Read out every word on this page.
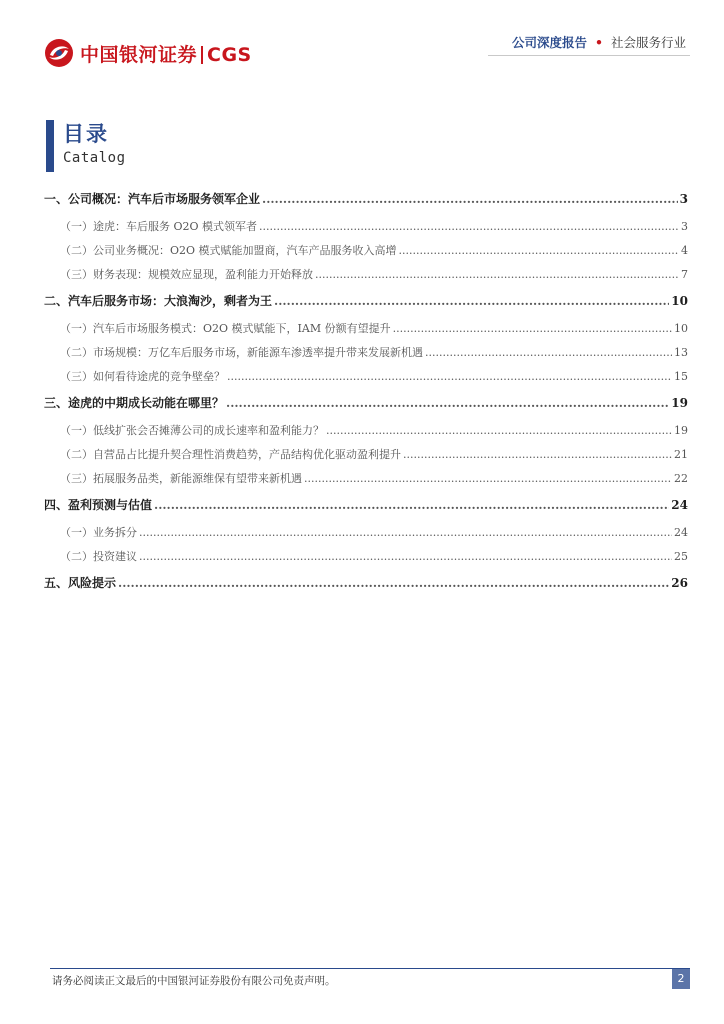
中国银河证券 CGS
公司深度报告 • 社会服务行业
目录
Catalog
一、公司概况：汽车后市场服务领军企业 .....	3
（一）途虎：车后服务 O2O 模式领军者 .....	3
（二）公司业务概况：O2O 模式赋能加盟商，汽车产品服务收入高增 .....	4
（三）财务表现：规模效应显现，盈利能力开始释放 .....	7
二、汽车后服务市场：大浪淘沙，剩者为王 .....	10
（一）汽车后市场服务模式：O2O 模式赋能下，IAM 份额有望提升 .....	10
（二）市场规模：万亿车后服务市场，新能源车渗透率提升带来发展新机遇 .....	13
（三）如何看待途虎的竞争壁垒？ .....	15
三、途虎的中期成长动能在哪里？ .....	19
（一）低线扩张会否摊薄公司的成长速率和盈利能力？ .....	19
（二）自营品占比提升契合理性消费趋势，产品结构优化驱动盈利提升 .....	21
（三）拓展服务品类，新能源维保有望带来新机遇 .....	22
四、盈利预测与估值 .....	24
（一）业务拆分 .....	24
（二）投资建议 .....	25
五、风险提示 .....	26
请务必阅读正文最后的中国银河证券股份有限公司免责声明。	2
